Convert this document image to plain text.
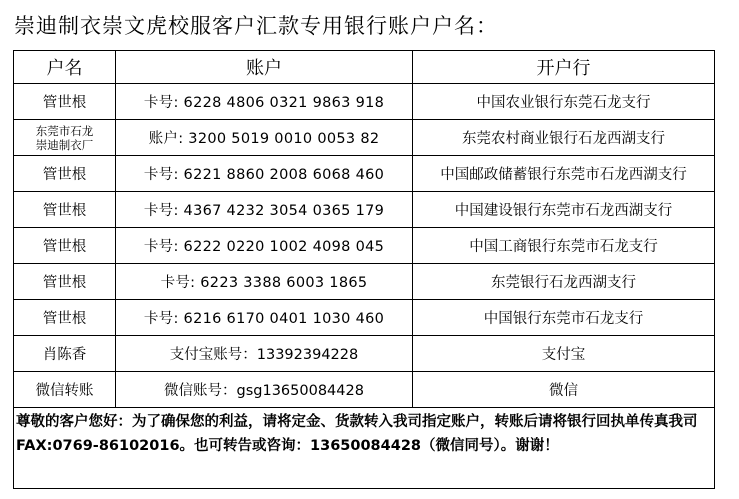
崇迪制衣崇文虎校服客户汇款专用银行账户户名：
户名	账户	开户行
管世根	卡号: 6228 4806 0321 9863 918	中国农业银行东莞石龙支行

东莞市石龙
崇迪制衣厂	账户: 3200 5019 0010 0053 82	东莞农村商业银行石龙西湖支行
管世根	卡号: 6221 8860 2008 6068 460	中国邮政储蓄银行东莞市石龙西湖支行
管世根	卡号: 4367 4232 3054 0365 179	中国建设银行东莞市石龙西湖支行
管世根	卡号: 6222 0220 1002 4098 045	中国工商银行东莞市石龙支行
管世根	卡号: 6223 3388 6003 1865	东莞银行石龙西湖支行
管世根	卡号: 6216 6170 0401 1030 460	中国银行东莞市石龙支行
肖陈香	支付宝账号：13392394228	支付宝
微信转账	微信账号：gsg13650084428	微信
尊敬的客户您好：为了确保您的利益，请将定金、货款转入我司指定账户，转账后请将银行回执单传真我司FAX:0769-86102016。也可转告或咨询：13650084428（微信同号）。谢谢！		
